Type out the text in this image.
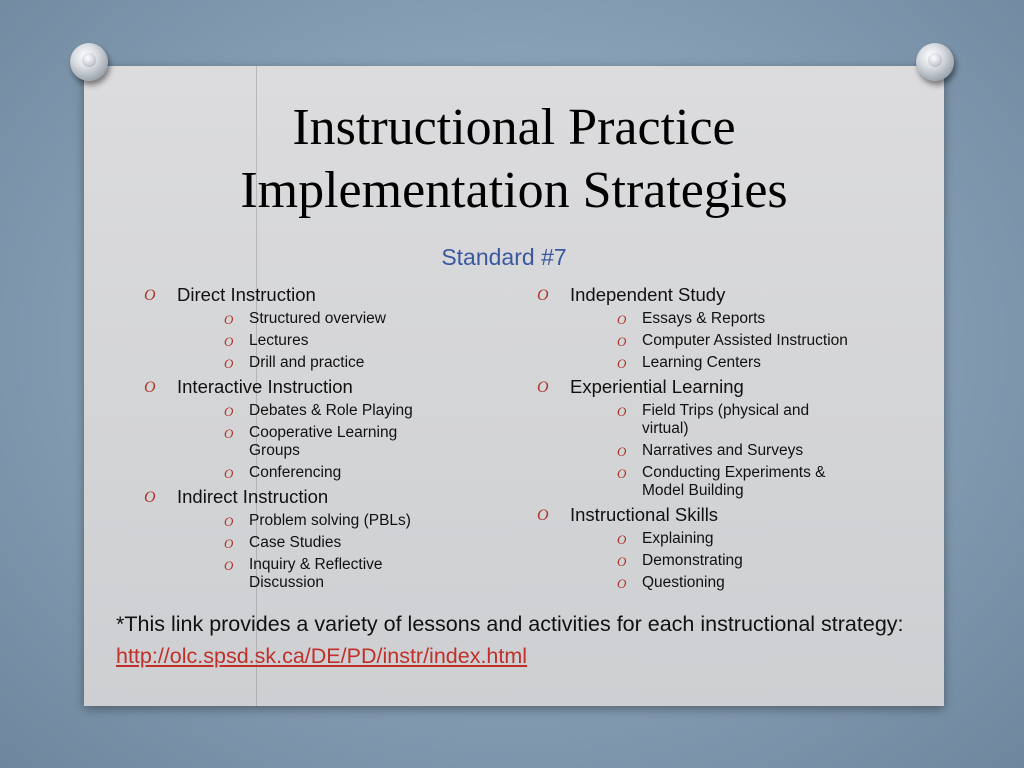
Instructional Practice
Implementation Strategies
Standard #7
O Direct Instruction
O Structured overview
O Lectures
O Drill and practice
O Interactive Instruction
O Debates & Role Playing
O Cooperative Learning Groups
O Conferencing
O Indirect Instruction
O Problem solving (PBLs)
O Case Studies
O Inquiry & Reflective Discussion
O Independent Study
O Essays & Reports
O Computer Assisted Instruction
O Learning Centers
O Experiential Learning
O Field Trips (physical and virtual)
O Narratives and Surveys
O Conducting Experiments & Model Building
O Instructional Skills
O Explaining
O Demonstrating
O Questioning
*This link provides a variety of lessons and activities for each instructional strategy: http://olc.spsd.sk.ca/DE/PD/instr/index.html
